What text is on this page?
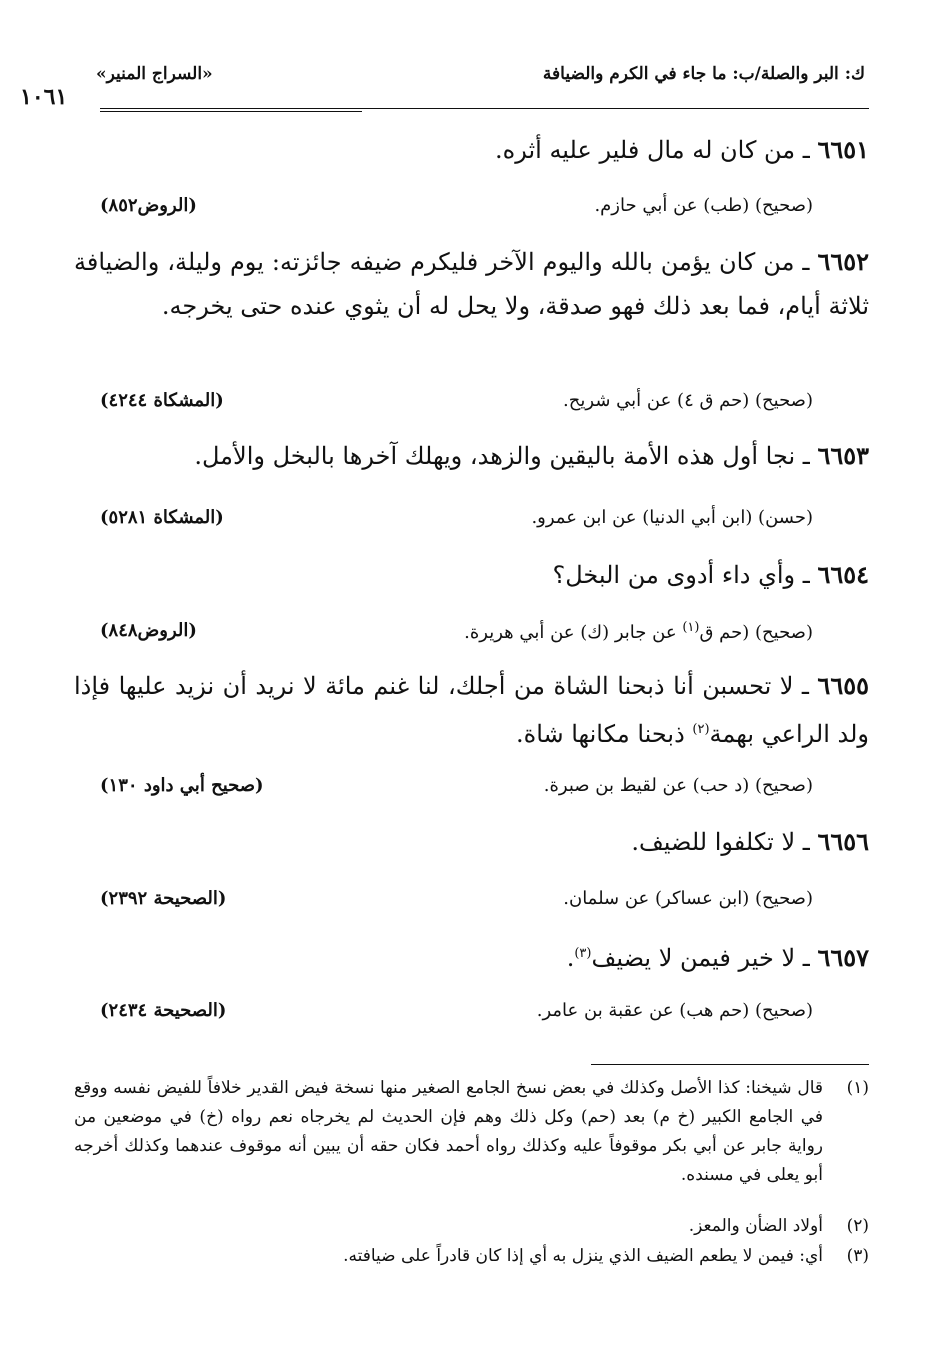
ك: البر والصلة/ب: ما جاء في الكرم والضيافة
«السراج المنير»
١٠٦١
٦٦٥١ ـ من كان له مال فلير عليه أثره.
(صحيح) (طب) عن أبي حازم.
(الروض٨٥٢)
٦٦٥٢ ـ من كان يؤمن بالله واليوم الآخر فليكرم ضيفه جائزته: يوم وليلة، والضيافة ثلاثة أيام، فما بعد ذلك فهو صدقة، ولا يحل له أن يثوي عنده حتى يخرجه.
(صحيح) (حم ق ٤) عن أبي شريح.
(المشكاة ٤٢٤٤)
٦٦٥٣ ـ نجا أول هذه الأمة باليقين والزهد، ويهلك آخرها بالبخل والأمل.
(حسن) (ابن أبي الدنيا) عن ابن عمرو.
(المشكاة ٥٢٨١)
٦٦٥٤ ـ وأي داء أدوى من البخل؟
(صحيح) (حم ق$^{(١)}$ عن جابر (ك) عن أبي هريرة.
(الروض٨٤٨)
٦٦٥٥ ـ لا تحسبن أنا ذبحنا الشاة من أجلك، لنا غنم مائة لا نريد أن نزيد عليها فإذا ولد الراعي بهمة$^{(٢)}$ ذبحنا مكانها شاة.
(صحيح) (د حب) عن لقيط بن صبرة.
(صحيح أبي داود ١٣٠)
٦٦٥٦ ـ لا تكلفوا للضيف.
(صحيح) (ابن عساكر) عن سلمان.
(الصحيحة ٢٣٩٢)
٦٦٥٧ ـ لا خير فيمن لا يضيف$^{(٣)}$.
(صحيح) (حم هب) عن عقبة بن عامر.
(الصحيحة ٢٤٣٤)
(١)
قال شيخنا: كذا الأصل وكذلك في بعض نسخ الجامع الصغير منها نسخة فيض القدير خلافاً للفيض نفسه ووقع في الجامع الكبير (خ م) بعد (حم) وكل ذلك وهم فإن الحديث لم يخرجاه نعم رواه (خ) في موضعين من رواية جابر عن أبي بكر موقوفاً عليه وكذلك رواه أحمد فكان حقه أن يبين أنه موقوف عندهما وكذلك أخرجه أبو يعلى في مسنده.
(٢)
أولاد الضأن والمعز.
(٣)
أي: فيمن لا يطعم الضيف الذي ينزل به أي إذا كان قادراً على ضيافته.
